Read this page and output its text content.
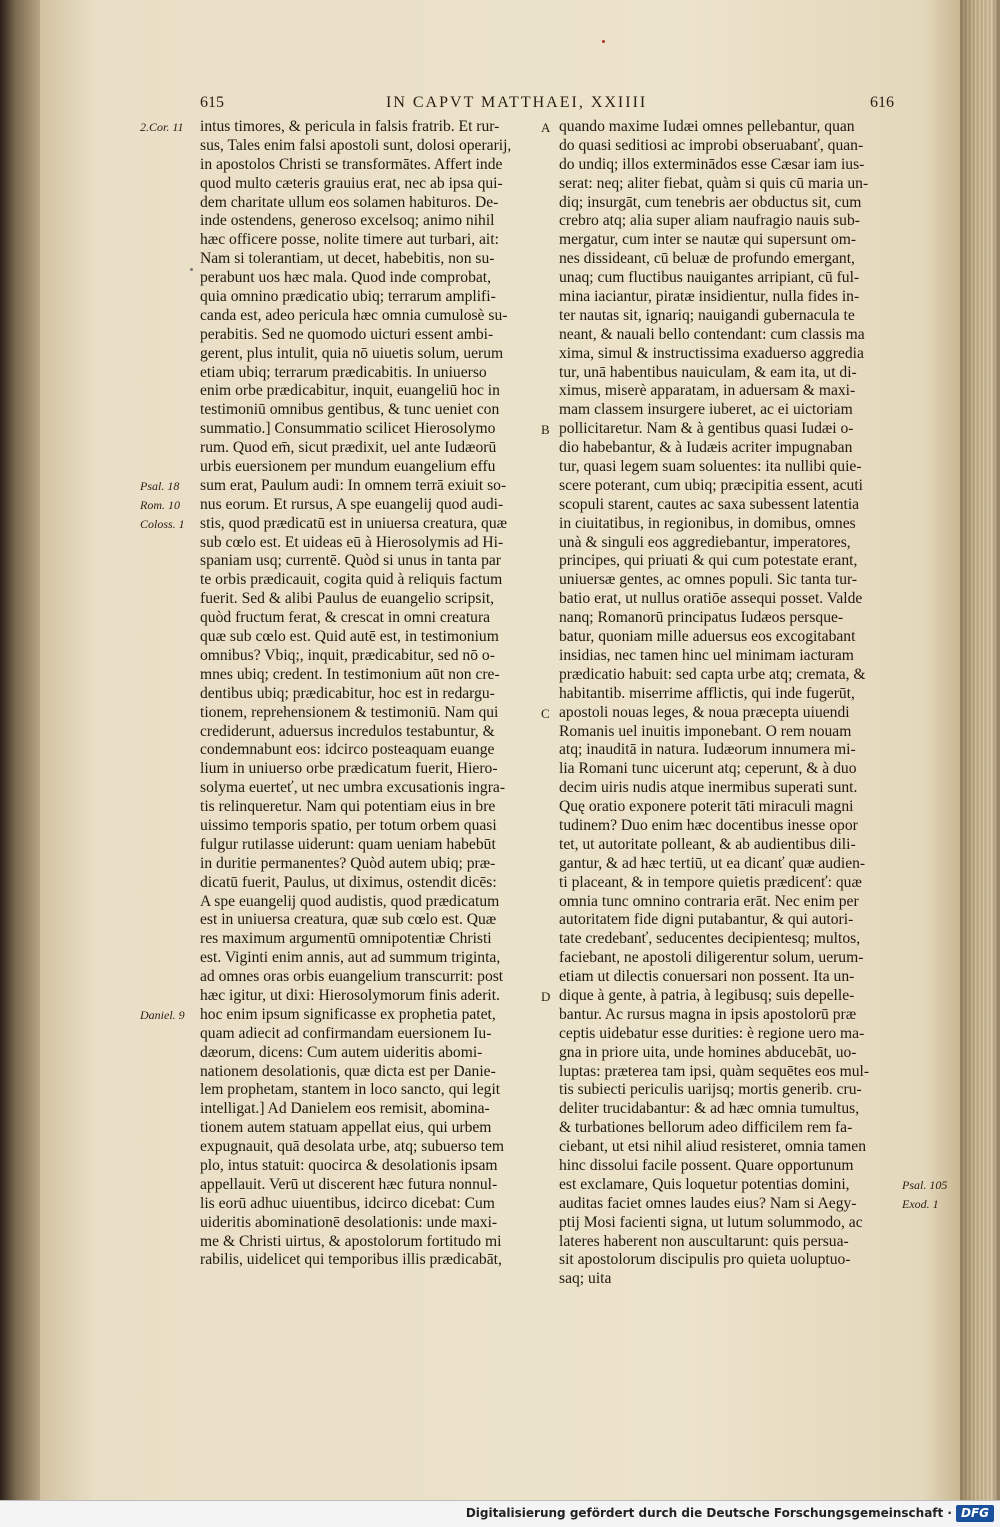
615	IN CAPVT MATTHAEI, XXIIII	616
intus timores, & pericula in falsis fratrib. Et rur-
sus, Tales enim falsi apostoli sunt, dolosi operarij,
in apostolos Christi se transformātes. Affert inde
quod multo cæteris grauius erat, nec ab ipsa qui-
dem charitate ullum eos solamen habituros. De-
inde ostendens, generoso excelsoq; animo nihil
hæc officere posse, nolite timere aut turbari, ait:
Nam si tolerantiam, ut decet, habebitis, non su-
perabunt uos hæc mala. Quod inde comprobat,
quia omnino prædicatio ubiq; terrarum amplifi-
canda est, adeo pericula hæc omnia cumulosè su-
perabitis. Sed ne quomodo uicturi essent ambi-
gerent, plus intulit, quia nō uiuetis solum, uerum
etiam ubiq; terrarum prædicabitis. In uniuerso
enim orbe prædicabitur, inquit, euangeliū hoc in
testimoniū omnibus gentibus, & tunc ueniet con
summatio.] Consummatio scilicet Hierosolymo
rum. Quod em̄, sicut prædixit, uel ante Iudæorū
urbis euersionem per mundum euangelium effu
sum erat, Paulum audi: In omnem terrā exiuit so-
nus eorum. Et rursus, A spe euangelij quod audi-
stis, quod prædicatū est in uniuersa creatura, quæ
sub cœlo est. Et uideas eū à Hierosolymis ad Hi-
spaniam usq; currentē. Quòd si unus in tanta par
te orbis prædicauit, cogita quid à reliquis factum
fuerit. Sed & alibi Paulus de euangelio scripsit,
quòd fructum ferat, & crescat in omni creatura
quæ sub cœlo est. Quid autē est, in testimonium
omnibus? Vbiq;, inquit, prædicabitur, sed nō o-
mnes ubiq; credent. In testimonium aūt non cre-
dentibus ubiq; prædicabitur, hoc est in redargu-
tionem, reprehensionem & testimoniū. Nam qui
crediderunt, aduersus incredulos testabuntur, &
condemnabunt eos: idcirco posteaquam euange
lium in uniuerso orbe prædicatum fuerit, Hiero-
solyma euerteť, ut nec umbra excusationis ingra-
tis relinqueretur. Nam qui potentiam eius in bre
uissimo temporis spatio, per totum orbem quasi
fulgur rutilasse uiderunt: quam ueniam habebūt
in duritie permanentes? Quòd autem ubiq; præ-
dicatū fuerit, Paulus, ut diximus, ostendit dicēs:
A spe euangelij quod audistis, quod prædicatum
est in uniuersa creatura, quæ sub cœlo est. Quæ
res maximum argumentū omnipotentiæ Christi
est. Viginti enim annis, aut ad summum triginta,
ad omnes oras orbis euangelium transcurrit: post
hæc igitur, ut dixi: Hierosolymorum finis aderit.
hoc enim ipsum significasse ex prophetia patet,
quam adiecit ad confirmandam euersionem Iu-
dæorum, dicens: Cum autem uideritis abomi-
nationem desolationis, quæ dicta est per Danie-
lem prophetam, stantem in loco sancto, qui legit
intelligat.] Ad Danielem eos remisit, abomina-
tionem autem statuam appellat eius, qui urbem
expugnauit, quā desolata urbe, atq; subuerso tem
plo, intus statuit: quocirca & desolationis ipsam
appellauit. Verū ut discerent hæc futura nonnul-
lis eorū adhuc uiuentibus, idcirco dicebat: Cum
uideritis abominationē desolationis: unde maxi-
me & Christi uirtus, & apostolorum fortitudo mi
rabilis, uidelicet qui temporibus illis prædicabāt,
quando maxime Iudæi omnes pellebantur, quan
do quasi seditiosi ac improbi obseruabanť, quan-
do undiq; illos exterminādos esse Cæsar iam ius-
serat: neq; aliter fiebat, quàm si quis cū maria un-
diq; insurgāt, cum tenebris aer obductus sit, cum
crebro atq; alia super aliam naufragio nauis sub-
mergatur, cum inter se nautæ qui supersunt om-
nes dissideant, cū beluæ de profundo emergant,
unaq; cum fluctibus nauigantes arripiant, cū ful-
mina iaciantur, piratæ insidientur, nulla fides in-
ter nautas sit, ignariq; nauigandi gubernacula te
neant, & nauali bello contendant: cum classis ma
xima, simul & instructissima exaduerso aggredia
tur, unā habentibus nauiculam, & eam ita, ut di-
ximus, miserè apparatam, in aduersam & maxi-
mam classem insurgere iuberet, ac ei uictoriam
pollicitaretur. Nam & à gentibus quasi Iudæi o-
dio habebantur, & à Iudæis acriter impugnaban
tur, quasi legem suam soluentes: ita nullibi quie-
scere poterant, cum ubiq; præcipitia essent, acuti
scopuli starent, cautes ac saxa subessent latentia
in ciuitatibus, in regionibus, in domibus, omnes
unà & singuli eos aggrediebantur, imperatores,
principes, qui priuati & qui cum potestate erant,
uniuersæ gentes, ac omnes populi. Sic tanta tur-
batio erat, ut nullus oratiōe assequi posset. Valde
nanq; Romanorū principatus Iudæos persque-
batur, quoniam mille aduersus eos excogitabant
insidias, nec tamen hinc uel minimam iacturam
prædicatio habuit: sed capta urbe atq; cremata, &
habitantib. miserrime afflictis, qui inde fugerūt,
apostoli nouas leges, & noua præcepta uiuendi
Romanis uel inuitis imponebant. O rem nouam
atq; inauditā in natura. Iudæorum innumera mi-
lia Romani tunc uicerunt atq; ceperunt, & à duo
decim uiris nudis atque inermibus superati sunt.
Quę oratio exponere poterit tāti miraculi magni
tudinem? Duo enim hæc docentibus inesse opor
tet, ut autoritate polleant, & ab audientibus dili-
gantur, & ad hæc tertiū, ut ea dicanť quæ audien-
ti placeant, & in tempore quietis prædicenť: quæ
omnia tunc omnino contraria erāt. Nec enim per
autoritatem fide digni putabantur, & qui autori-
tate credebanť, seducentes decipientesq; multos,
faciebant, ne apostoli diligerentur solum, uerum-
etiam ut dilectis conuersari non possent. Ita un-
dique à gente, à patria, à legibusq; suis depelle-
bantur. Ac rursus magna in ipsis apostolorū præ
ceptis uidebatur esse durities: è regione uero ma-
gna in priore uita, unde homines abducebāt, uo-
luptas: præterea tam ipsi, quàm sequētes eos mul-
tis subiecti periculis uarijsq; mortis generib. cru-
deliter trucidabantur: & ad hæc omnia tumultus,
& turbationes bellorum adeo difficilem rem fa-
ciebant, ut etsi nihil aliud resisteret, omnia tamen
hinc dissolui facile possent. Quare opportunum
est exclamare, Quis loquetur potentias domini,
auditas faciet omnes laudes eius? Nam si Aegy-
ptij Mosi facienti signa, ut lutum solummodo, ac
lateres haberent non auscultarunt: quis persua-
sit apostolorum discipulis pro quieta uoluptuo-
saq; uita
2.Cor. 11
Psal. 18
Rom. 10
Coloss. 1
Daniel. 9
A
B
C
D
Psal. 105
Exod. 1
Digitalisierung gefördert durch die Deutsche Forschungsgemeinschaft · DFG
